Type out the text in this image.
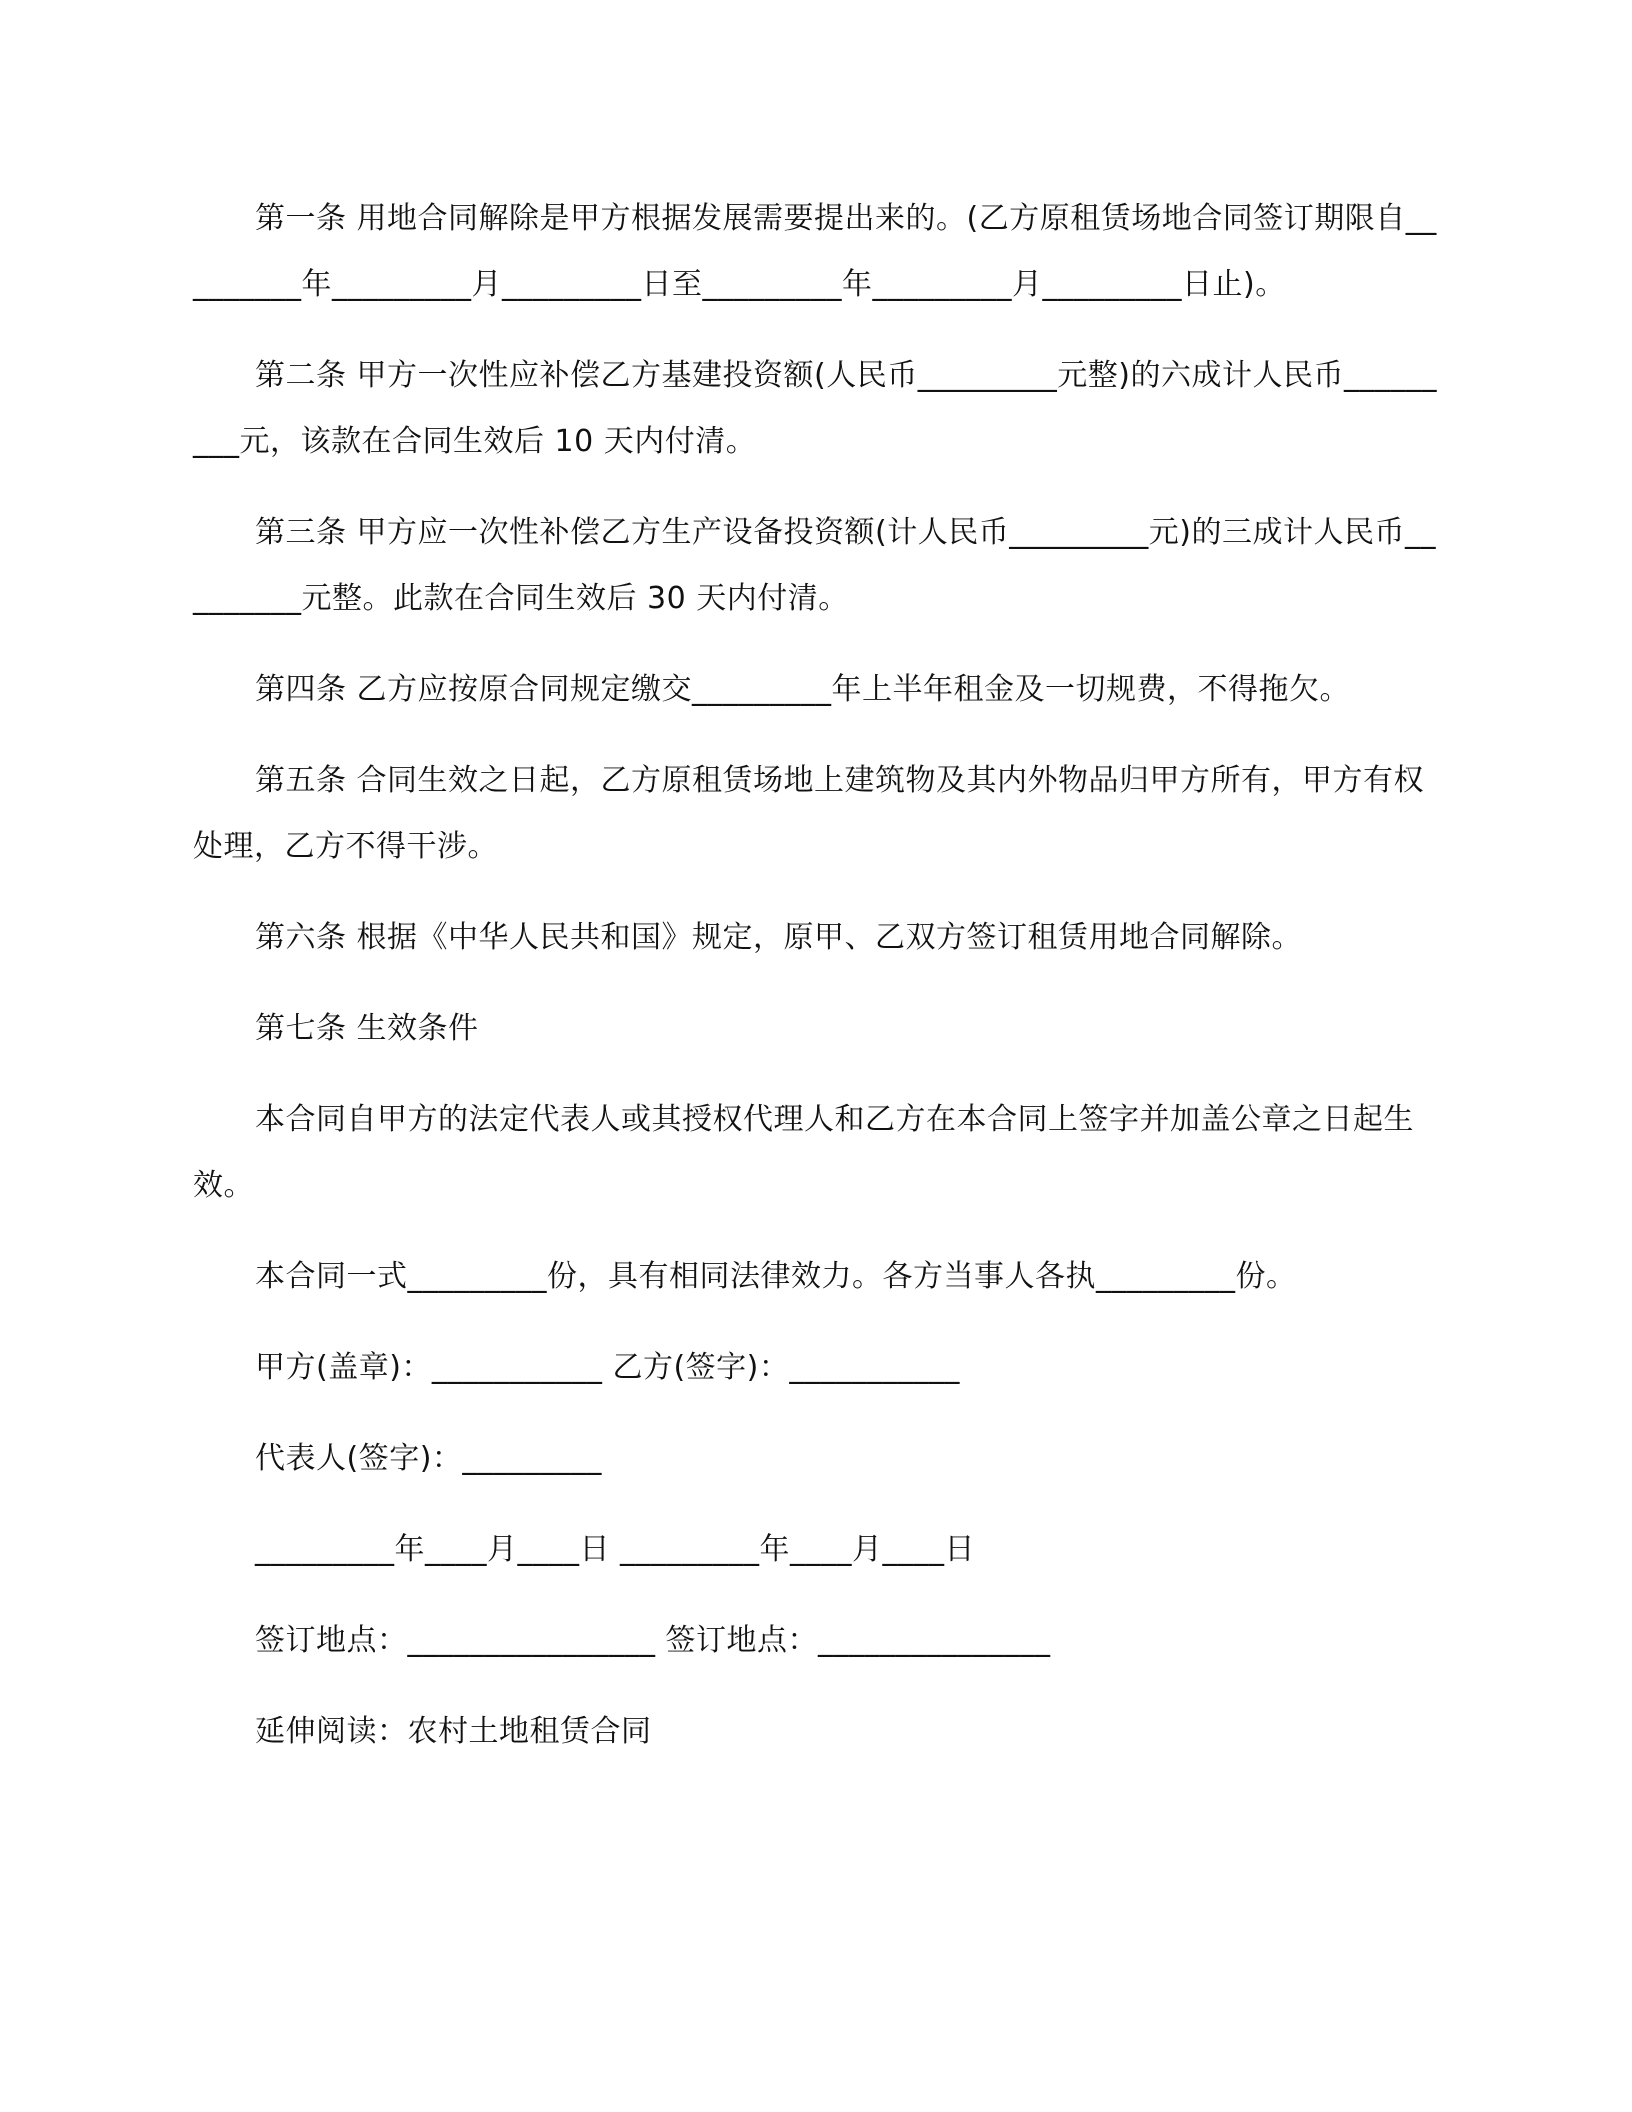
第一条 用地合同解除是甲方根据发展需要提出来的。(乙方原租赁场地合同签订期限自_________年_________月_________日至_________年_________月_________日止)。

第二条 甲方一次性应补偿乙方基建投资额(人民币_________元整)的六成计人民币_________元，该款在合同生效后 10 天内付清。

第三条 甲方应一次性补偿乙方生产设备投资额(计人民币_________元)的三成计人民币_________元整。此款在合同生效后 30 天内付清。

第四条 乙方应按原合同规定缴交_________年上半年租金及一切规费，不得拖欠。

第五条 合同生效之日起，乙方原租赁场地上建筑物及其内外物品归甲方所有，甲方有权处理，乙方不得干涉。

第六条 根据《中华人民共和国》规定，原甲、乙双方签订租赁用地合同解除。

第七条 生效条件

本合同自甲方的法定代表人或其授权代理人和乙方在本合同上签字并加盖公章之日起生效。

本合同一式_________份，具有相同法律效力。各方当事人各执_________份。

甲方(盖章)：___________ 乙方(签字)：___________

代表人(签字)：_________

_________年____月____日 _________年____月____日

签订地点：________________ 签订地点：_______________

延伸阅读：农村土地租赁合同
